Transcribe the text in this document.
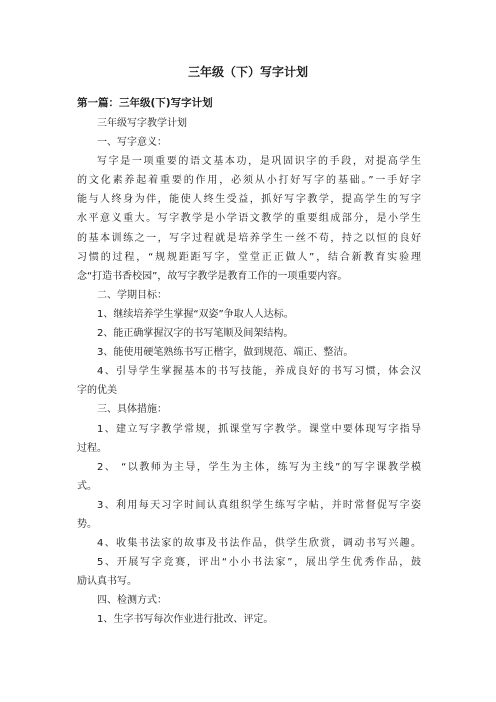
三年级（下）写字计划
第一篇：三年级(下)写字计划
三年级写字教学计划
一、写字意义：
写字是一项重要的语文基本功，是巩固识字的手段，对提高学生
的文化素养起着重要的作用，必须从小打好写字的基础。”一手好字
能与人终身为伴，能使人终生受益，抓好写字教学，提高学生的写字
水平意义重大。写字教学是小学语文教学的重要组成部分，是小学生
的基本训练之一，写字过程就是培养学生一丝不苟，持之以恒的良好
习惯的过程，“规规距距写字，堂堂正正做人”，结合新教育实验理
念“打造书香校园”，故写字教学是教育工作的一项重要内容。
二、学期目标：
1、继续培养学生掌握“双姿”争取人人达标。
2、能正确掌握汉字的书写笔顺及间架结构。
3、能使用硬笔熟练书写正楷字，做到规范、端正、整洁。
4、引导学生掌握基本的书写技能，养成良好的书写习惯，体会汉
字的优美
三、具体措施：
1、建立写字教学常规，抓课堂写字教学。课堂中要体现写字指导
过程。
2、 “以教师为主导，学生为主体，练写为主线”的写字课教学模
式。
3、利用每天习字时间认真组织学生练写字帖，并时常督促写字姿
势。
4、收集书法家的故事及书法作品，供学生欣赏，调动书写兴趣。
5、开展写字竞赛，评出“小小书法家”，展出学生优秀作品，鼓
励认真书写。
四、检测方式：
1、生字书写每次作业进行批改、评定。
